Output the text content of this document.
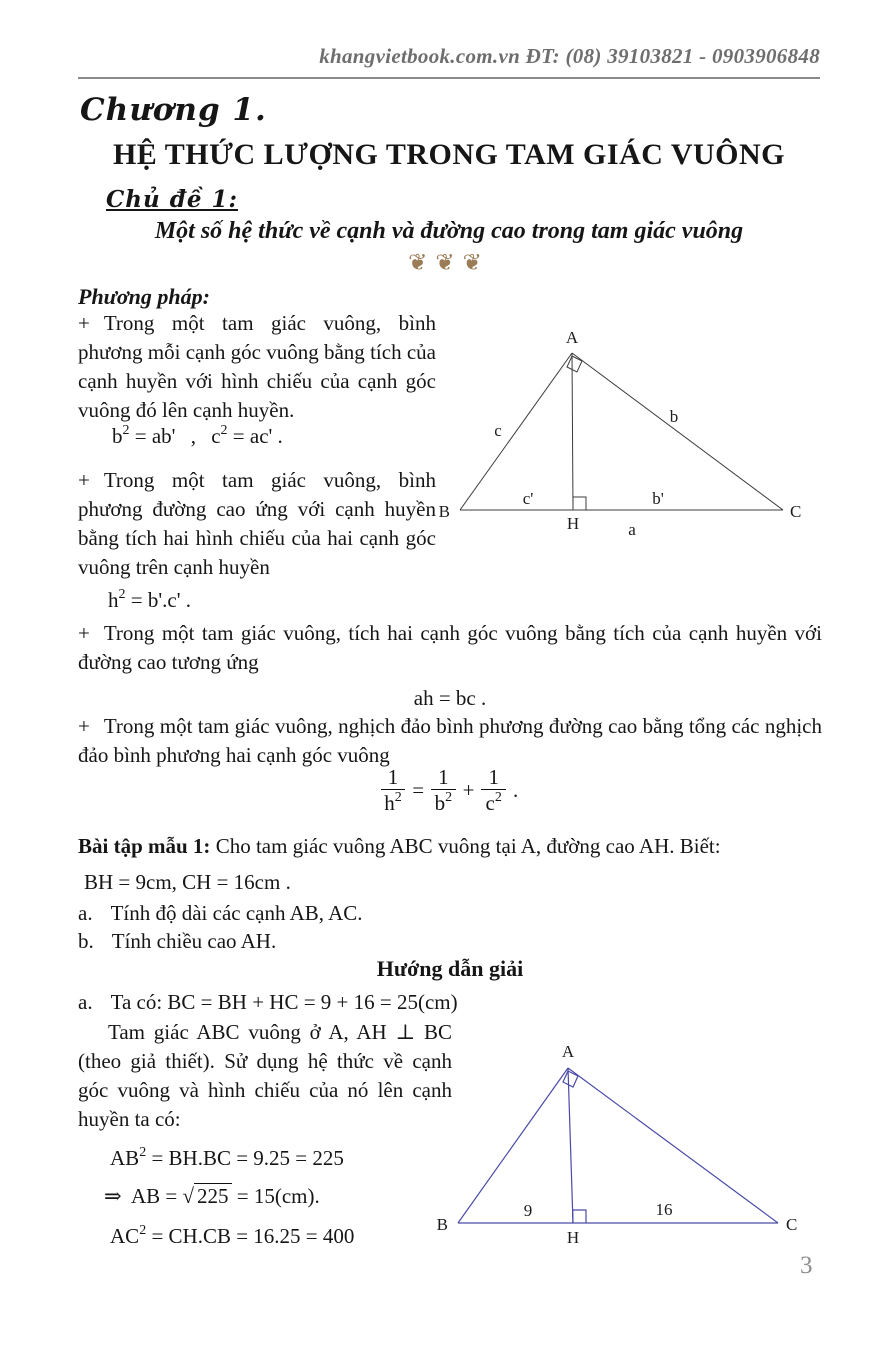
khangvietbook.com.vn ĐT: (08) 39103821 - 0903906848
Chương 1.
HỆ THỨC LƯỢNG TRONG TAM GIÁC VUÔNG
Chủ đề 1:
Một số hệ thức về cạnh và đường cao trong tam giác vuông
❦❦❦
Phương pháp:
+ Trong một tam giác vuông, bình phương mỗi cạnh góc vuông bằng tích của cạnh huyền với hình chiếu của cạnh góc vuông đó lên cạnh huyền.
$b^2 = ab'$ , $c^2 = ac'$ .
+ Trong một tam giác vuông, bình phương đường cao ứng với cạnh huyền bằng tích hai hình chiếu của hai cạnh góc vuông trên cạnh huyền
$h^2 = b'.c'$ .
+ Trong một tam giác vuông, tích hai cạnh góc vuông bằng tích của cạnh huyền với đường cao tương ứng
ah = bc .
+ Trong một tam giác vuông, nghịch đảo bình phương đường cao bằng tổng các nghịch đảo bình phương hai cạnh góc vuông
$\frac{1}{h^2} = \frac{1}{b^2} + \frac{1}{c^2}$ .
Bài tập mẫu 1: Cho tam giác vuông ABC vuông tại A, đường cao AH. Biết:
BH = 9cm, CH = 16cm .
a. Tính độ dài các cạnh AB, AC.
b. Tính chiều cao AH.
Hướng dẫn giải
a. Ta có: BC = BH + HC = 9 + 16 = 25(cm)
Tam giác ABC vuông ở A, AH ⊥ BC (theo giả thiết). Sử dụng hệ thức về cạnh góc vuông và hình chiếu của nó lên cạnh huyền ta có:
$AB^2 = BH.BC = 9.25 = 225$
⇒  AB = √ 225 = 15(cm).
$AC^2 = CH.CB = 16.25 = 400$
A
B	C
H
c
b
c'	b'
a
A
B	C
H
9	16
3
